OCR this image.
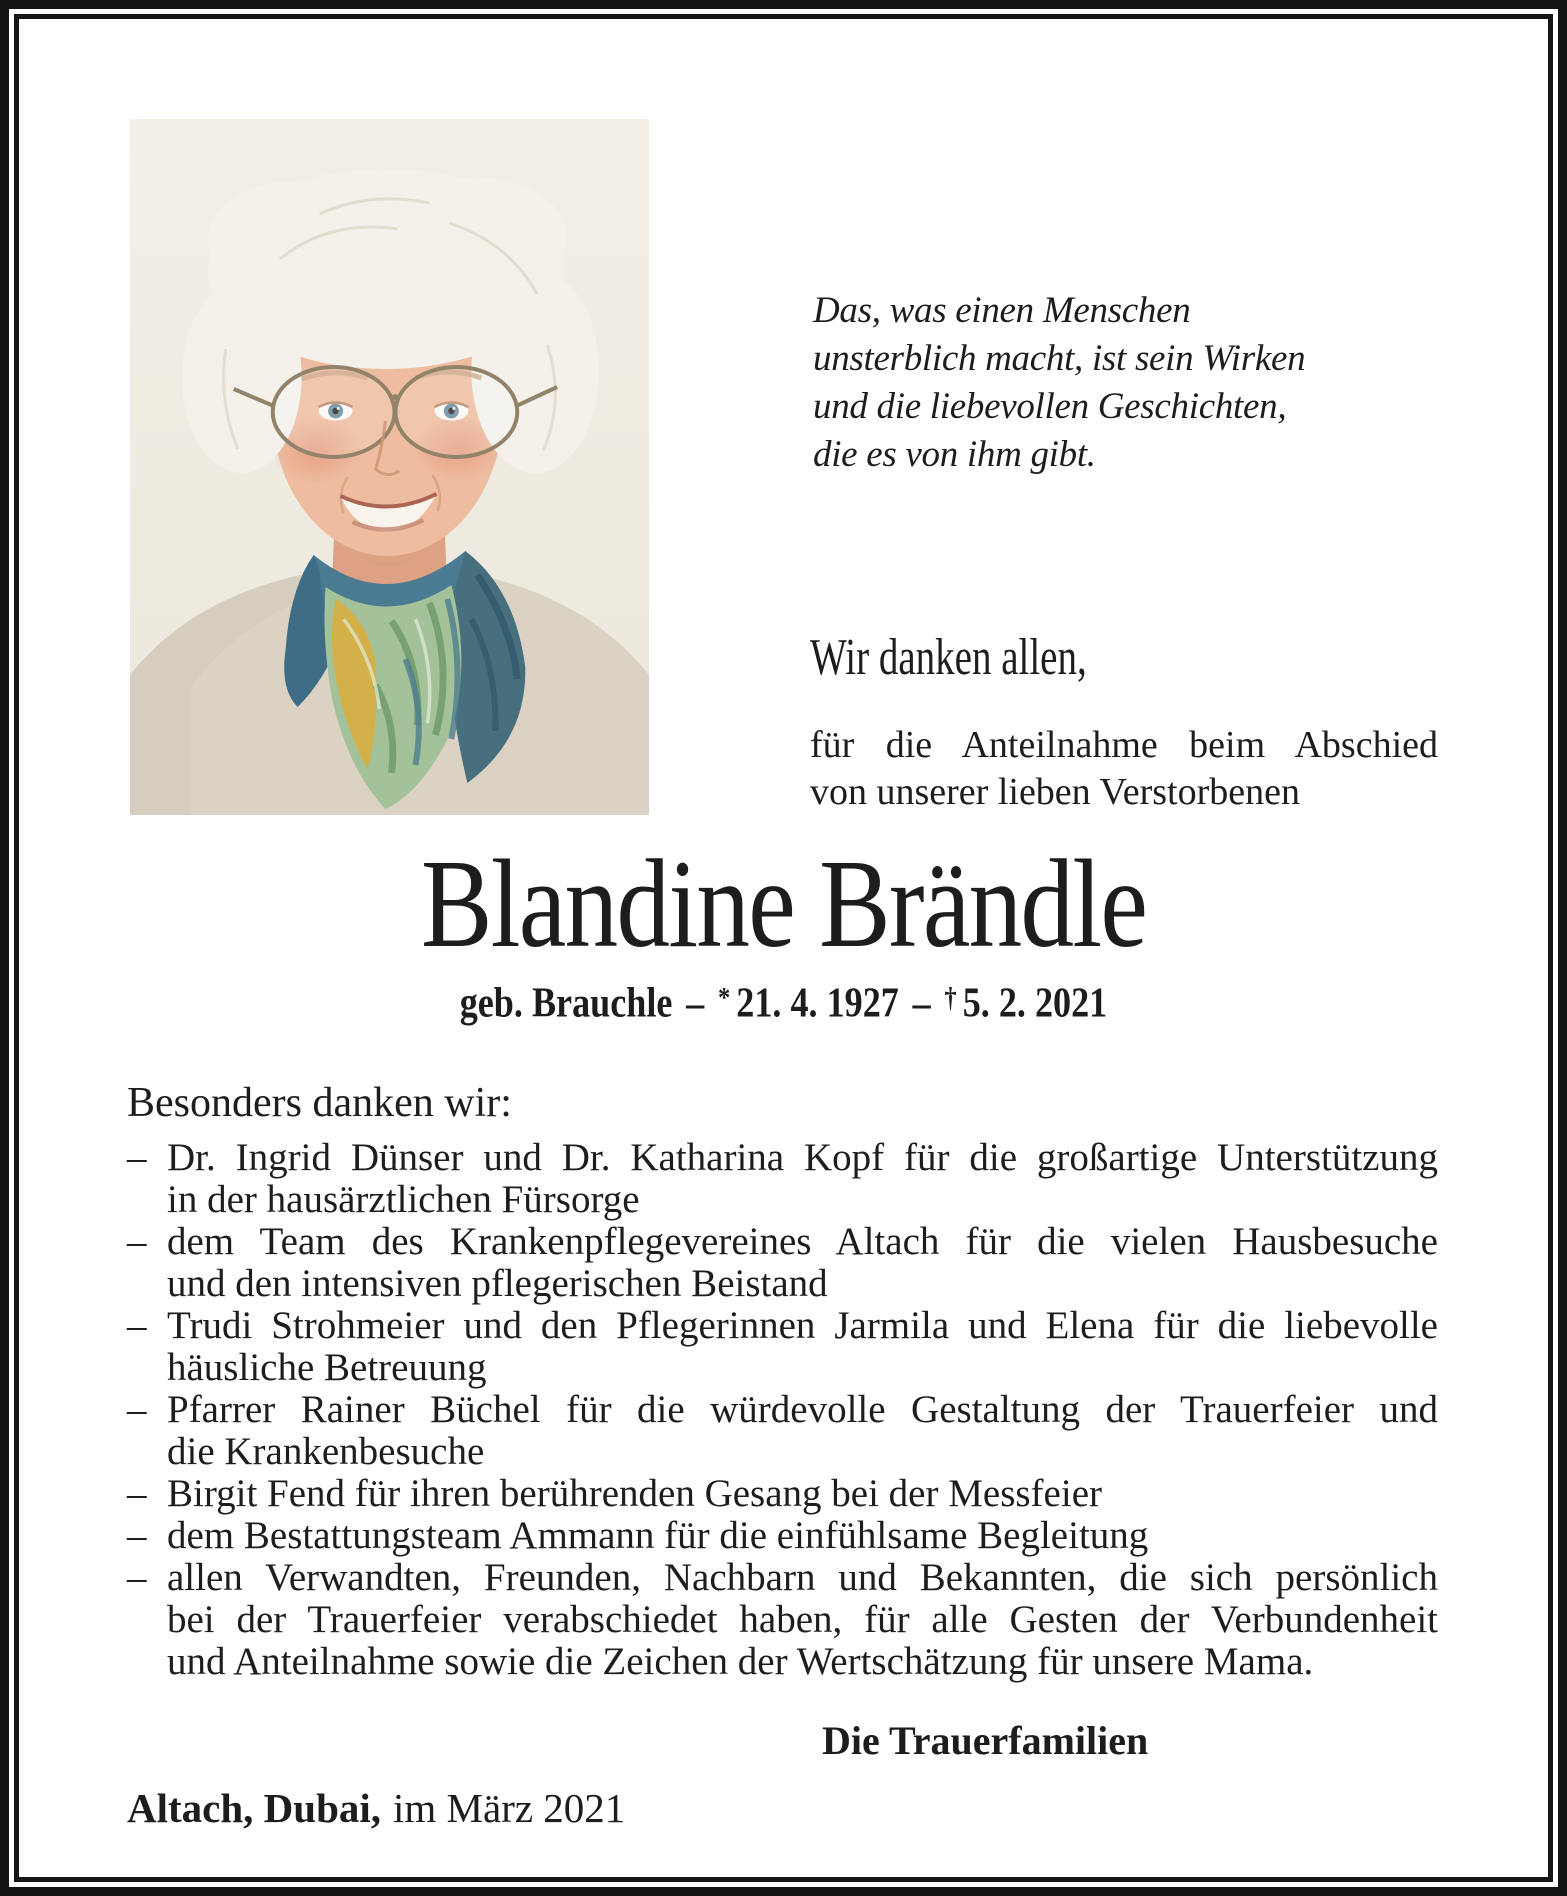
Das, was einen Menschen
unsterblich macht, ist sein Wirken
und die liebevollen Geschichten,
die es von ihm gibt.
Wir danken allen,
für die Anteilnahme beim Abschied
von unserer lieben Verstorbenen
Blandine Brändle
geb. Brauchle – * 21. 4. 1927 – † 5. 2. 2021
Besonders danken wir:
– Dr. Ingrid Dünser und Dr. Katharina Kopf für die großartige Unterstützung
in der hausärztlichen Fürsorge
– dem Team des Krankenpflegevereines Altach für die vielen Hausbesuche
und den intensiven pflegerischen Beistand
– Trudi Strohmeier und den Pflegerinnen Jarmila und Elena für die liebevolle
häusliche Betreuung
– Pfarrer Rainer Büchel für die würdevolle Gestaltung der Trauerfeier und
die Krankenbesuche
– Birgit Fend für ihren berührenden Gesang bei der Messfeier
– dem Bestattungsteam Ammann für die einfühlsame Begleitung
– allen Verwandten, Freunden, Nachbarn und Bekannten, die sich persönlich
bei der Trauerfeier verabschiedet haben, für alle Gesten der Verbundenheit
und Anteilnahme sowie die Zeichen der Wertschätzung für unsere Mama.
Die Trauerfamilien
Altach, Dubai, im März 2021
